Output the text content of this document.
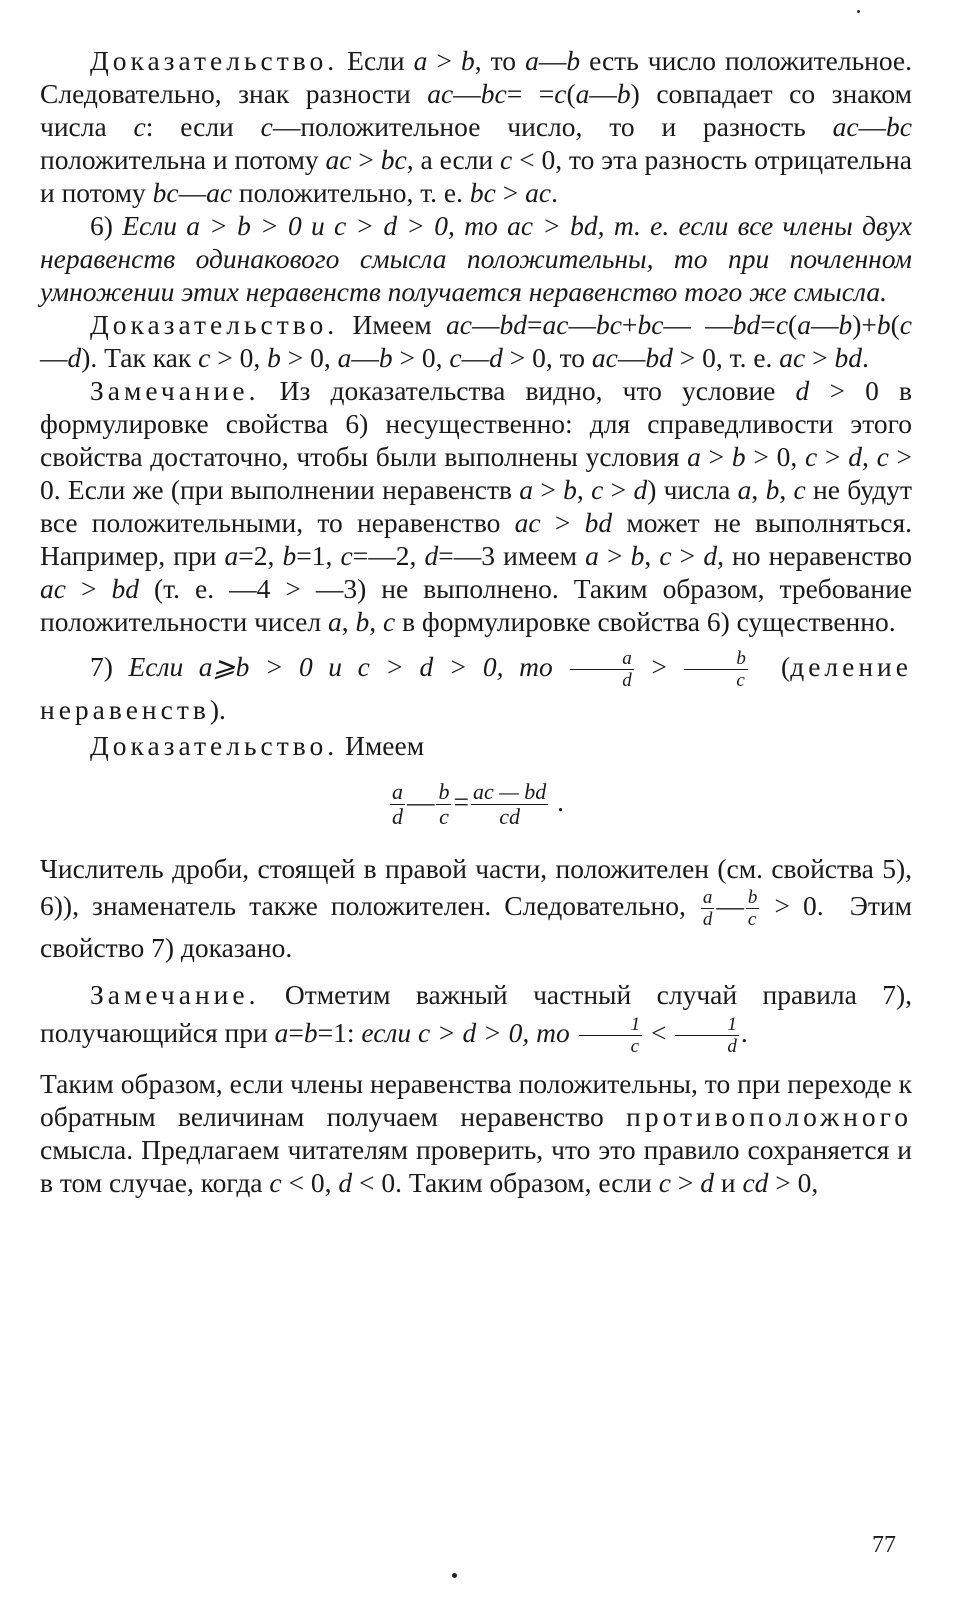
Доказательство. Если a > b, то a—b есть число положительное. Следовательно, знак разности ac—bc= =c(a—b) совпадает со знаком числа c: если c—положительное число, то и разность ac—bc положительна и потому ac > bc, а если c < 0, то эта разность отрицательна и потому bc—ac положительно, т. е. bc > ac.

6) Если a > b > 0 и c > d > 0, то ac > bd, т. е. если все члены двух неравенств одинакового смысла положительны, то при почленном умножении этих неравенств получается неравенство того же смысла.

Доказательство. Имеем ac—bd=ac—bc+bc— —bd=c(a—b)+b(c—d). Так как c > 0, b > 0, a—b > 0, c—d > 0, то ac—bd > 0, т. е. ac > bd.

Замечание. Из доказательства видно, что условие d > 0 в формулировке свойства 6) несущественно: для справедливости этого свойства достаточно, чтобы были выполнены условия a > b > 0, c > d, c > 0. Если же (при выполнении неравенств a > b, c > d) числа a, b, c не будут все положительными, то неравенство ac > bd может не выполняться. Например, при a=2, b=1, c=—2, d=—3 имеем a > b, c > d, но неравенство ac > bd (т. е. —4 > —3) не выполнено. Таким образом, требование положительности чисел a, b, c в формулировке свойства 6) существенно.

7) Если a⩾b > 0 и c > d > 0, то $\frac{a}{d} > \frac{b}{c}$ (деление неравенств).

Доказательство. Имеем

$\frac{a}{d}$ — $\frac{b}{c} = \frac{ac — bd}{cd}$ .

Числитель дроби, стоящей в правой части, положителен (см. свойства 5), 6)), знаменатель также положителен. Следовательно, $\frac{a}{d}$ — $\frac{b}{c} > 0$.  Этим свойство 7) доказано.

Замечание. Отметим важный частный случай правила 7), получающийся при a=b=1: если c > d > 0, то $\frac{1}{c} < \frac{1}{d}$ .

Таким образом, если члены неравенства положительны, то при переходе к обратным величинам получаем неравенство противоположного смысла. Предлагаем читателям проверить, что это правило сохраняется и в том случае, когда c < 0, d < 0. Таким образом, если c > d и cd > 0,

77
